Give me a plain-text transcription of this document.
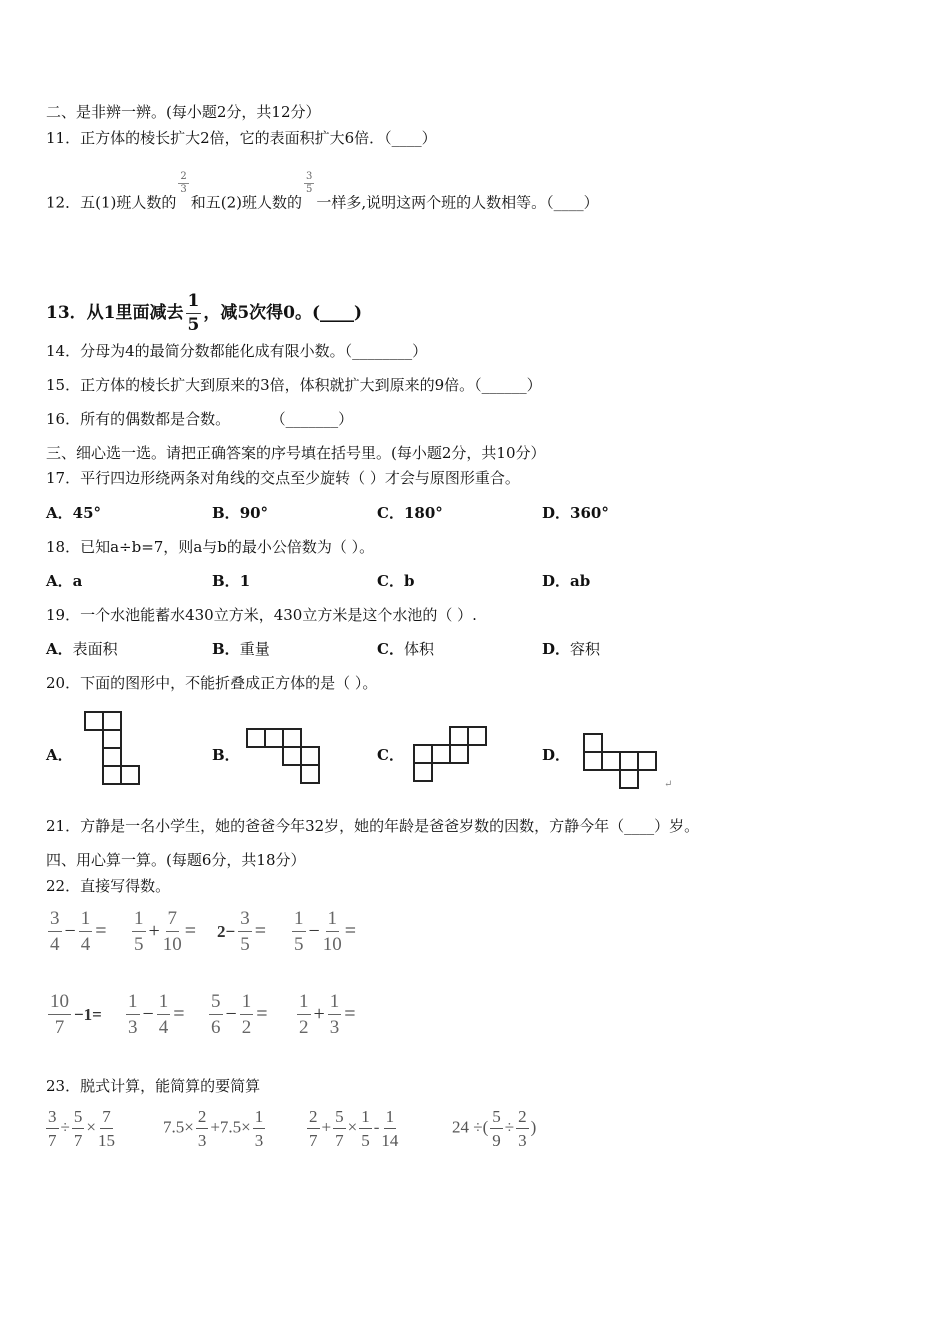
二、是非辨一辨。(每小题2分，共12分）
11．正方体的棱长扩大2倍，它的表面积扩大6倍．（____）
12．五(1)班人数的
$\frac{2}{3}$
和五(2)班人数的
$\frac{3}{5}$
一样多,说明这两个班的人数相等。（____）
13．从1里面减去 $\frac{1}{5}$ ，减5次得0。(____)
14．分母为4的最简分数都能化成有限小数。（________）
15．正方体的棱长扩大到原来的3倍，体积就扩大到原来的9倍。（______）
16．所有的偶数都是合数。	（_______）
三、细心选一选。请把正确答案的序号填在括号里。(每小题2分，共10分）
17．平行四边形绕两条对角线的交点至少旋转（ ）才会与原图形重合。
A．45°	B．90°	C．180°	D．360°
18．已知a÷b=7，则a与b的最小公倍数为（ ）。
A．a	B．1	C．b	D．ab
19．一个水池能蓄水430立方米，430立方米是这个水池的（ ）.
A．表面积	B．重量	C．体积	D．容积
20．下面的图形中，不能折叠成正方体的是（ ）。
A．	B．	C．	D．
↵
21．方静是一名小学生，她的爸爸今年32岁，她的年龄是爸爸岁数的因数，方静今年（____）岁。
四、用心算一算。(每题6分，共18分）
22．直接写得数。
$\frac{3}{4} - \frac{1}{4} = \frac{1}{5} + \frac{7}{10} = 2- \frac{3}{5} = \frac{1}{5} - \frac{1}{10}$ =
$\frac{10}{7} -1= \frac{1}{3} - \frac{1}{4} = \frac{5}{6} - \frac{1}{2} = \frac{1}{2} + \frac{1}{3}$ =
23．脱式计算，能简算的要简算
$\frac{3}{7} \div \frac{5}{7} \times \frac{7}{15}$	$7.5\times \frac{2}{3} +7.5\times \frac{1}{3} \frac{2}{7} + \frac{5}{7} \times \frac{1}{5} - \frac{1}{14}$	24 ÷( $\frac{5}{9} \div \frac{2}{3}$ )
